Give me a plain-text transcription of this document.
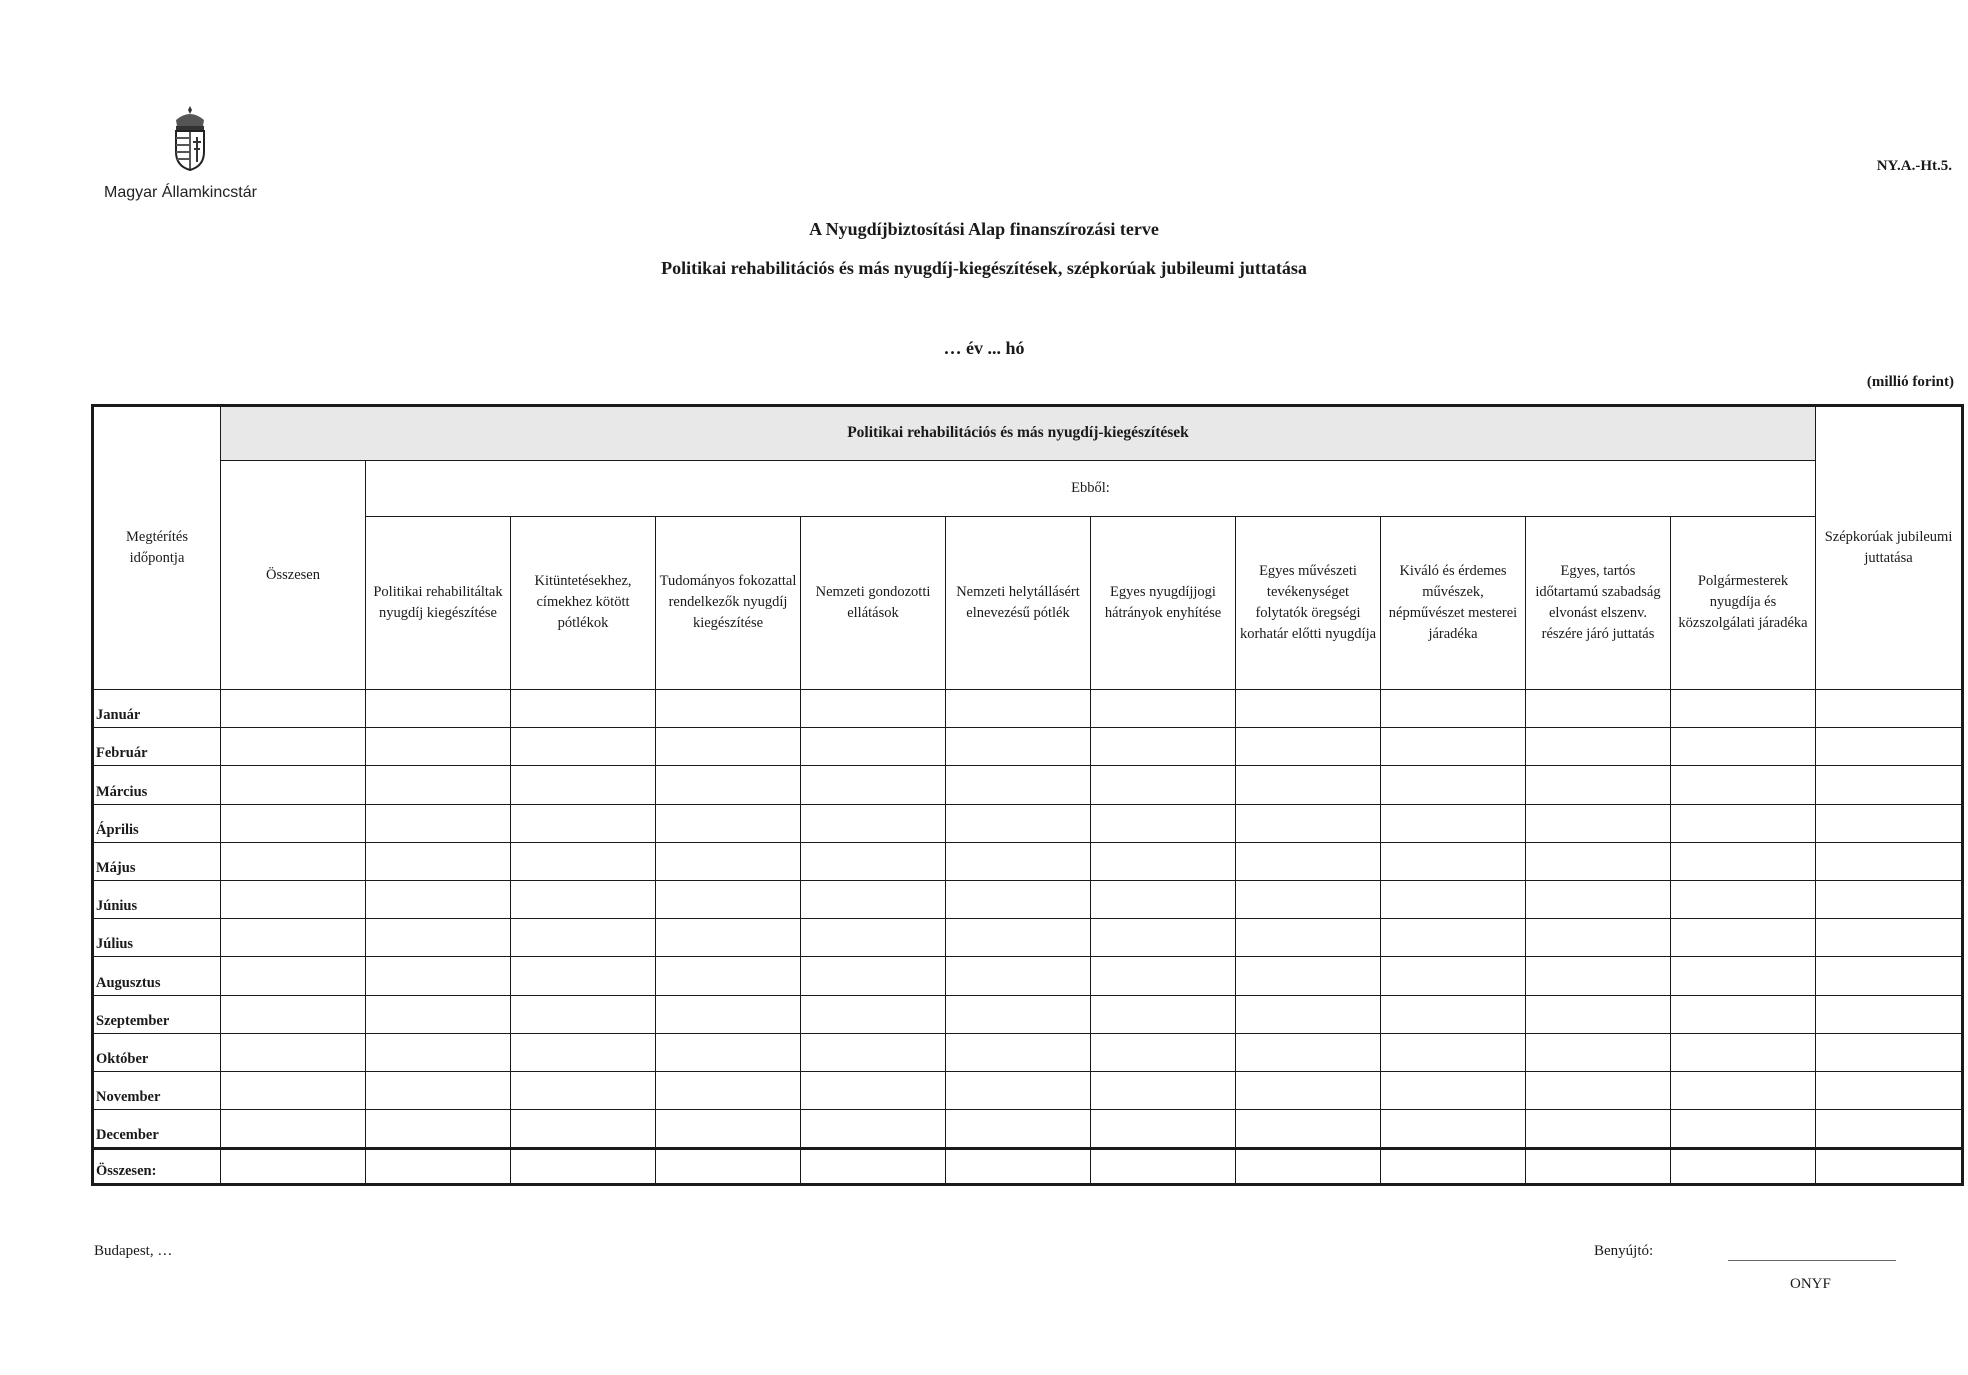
Magyar Államkincstár
NY.A.-Ht.5.
A Nyugdíjbiztosítási Alap finanszírozási terve
Politikai rehabilitációs és más nyugdíj-kiegészítések, szépkorúak jubileumi juttatása
… év ... hó
(millió forint)
Megtérítés időpontja	Politikai rehabilitációs és más nyugdíj-kiegészítések											Szépkorúak jubileumi juttatása
	Összesen	Ebből:										
		Politikai rehabilitáltak nyugdíj kiegészítése	Kitüntetésekhez, címekhez kötött pótlékok	Tudományos fokozattal rendelkezők nyugdíj kiegészítése	Nemzeti gondozotti ellátások	Nemzeti helytállásért elnevezésű pótlék	Egyes nyugdíjjogi hátrányok enyhítése	Egyes művészeti tevékenységet folytatók öregségi korhatár előtti nyugdíja	Kiváló és érdemes művészek, népművészet mesterei járadéka	Egyes, tartós időtartamú szabadság elvonást elszenv. részére járó juttatás	Polgármesterek nyugdíja és közszolgálati járadéka	
Január												
Február												
Március												
Április												
Május												
Június												
Július												
Augusztus												
Szeptember												
Október												
November												
December												
Összesen:												
Budapest, …	Benyújtó:
ONYF
